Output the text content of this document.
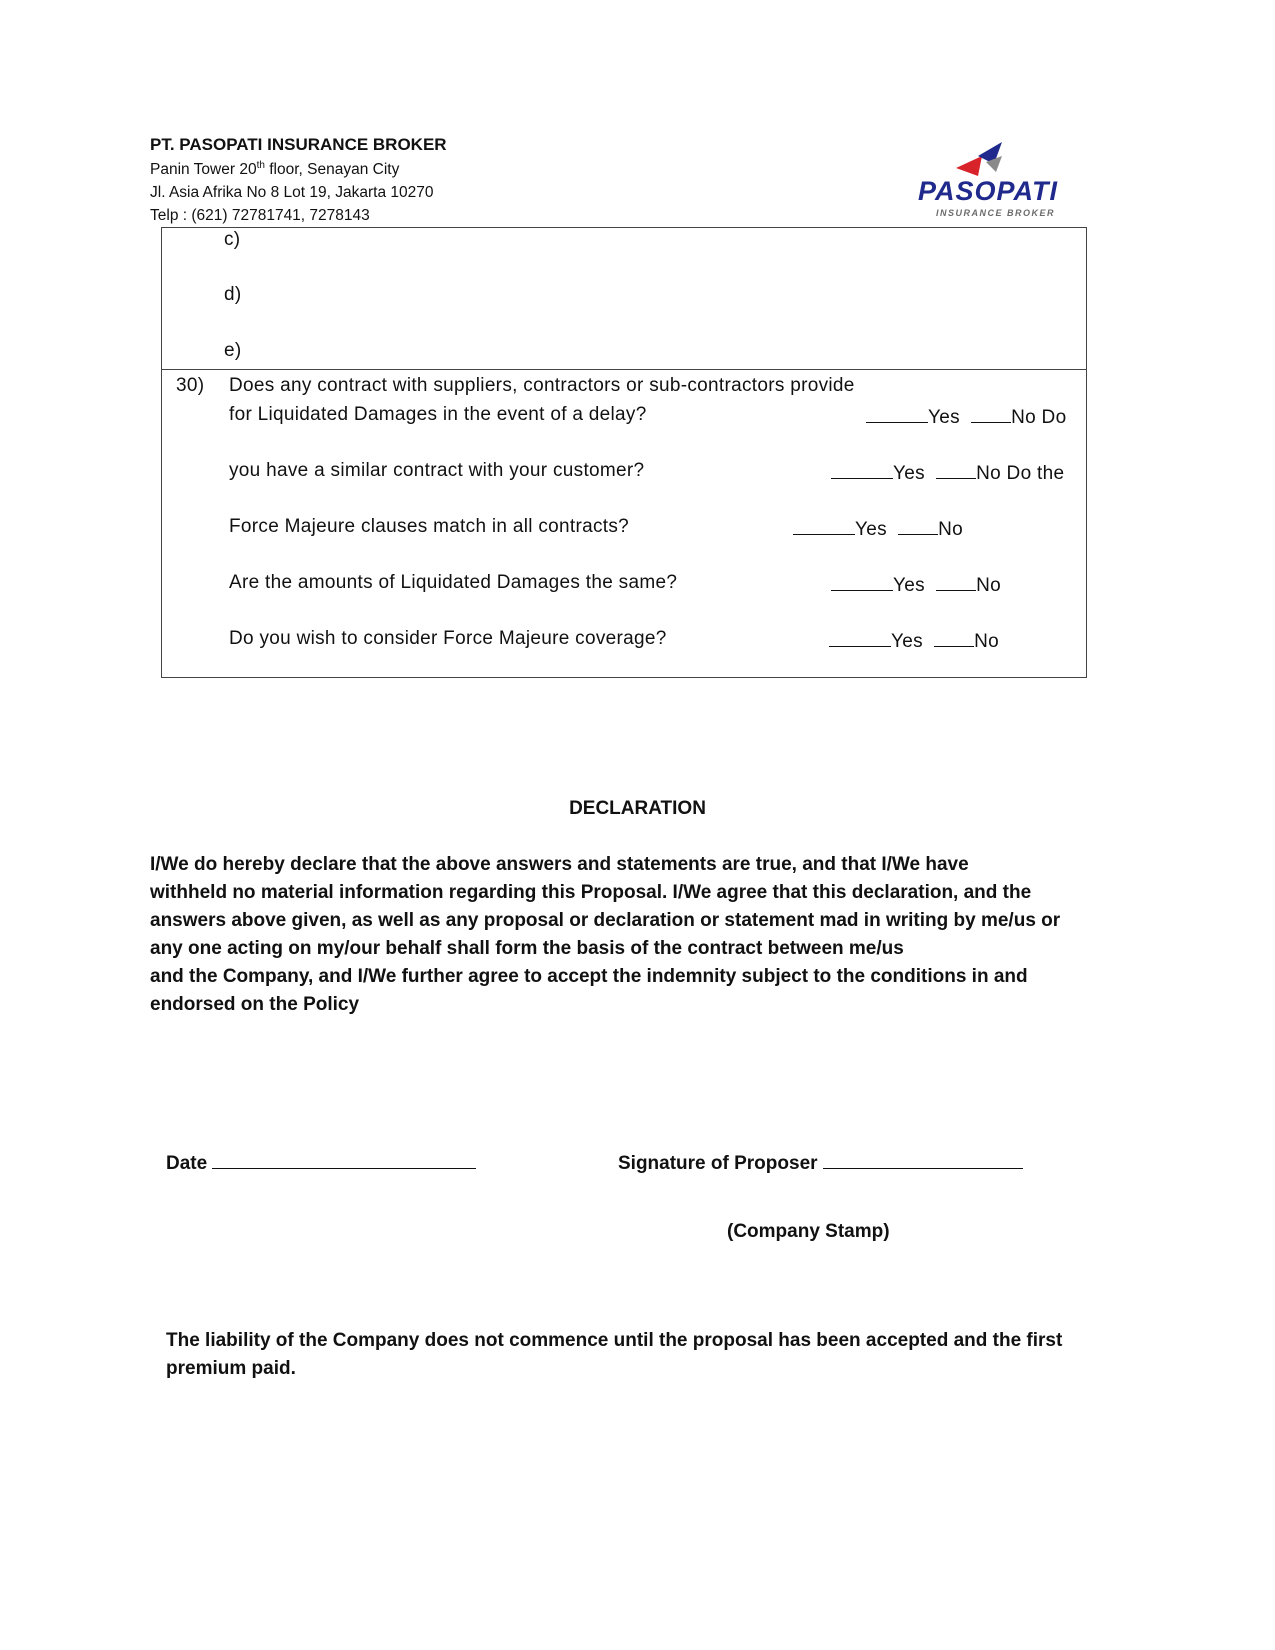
PT. PASOPATI INSURANCE BROKER
Panin Tower 20th floor, Senayan City
Jl. Asia Afrika No 8 Lot 19, Jakarta 10270
Telp : (621) 72781741, 7278143
PASOPATI
INSURANCE BROKER
c)
d)
e)
30) Does any contract with suppliers, contractors or sub-contractors provide
for Liquidated Damages in the event of a delay?	Yes	No Do
you have a similar contract with your customer?	Yes	No Do the
Force Majeure clauses match in all contracts?	Yes	No
Are the amounts of Liquidated Damages the same?	Yes	No
Do you wish to consider Force Majeure coverage?	Yes	No
DECLARATION
I/We do hereby declare that the above answers and statements are true, and that I/We have
withheld no material information regarding this Proposal. I/We agree that this declaration, and the
answers above given, as well as any proposal or declaration or statement mad in writing by me/us or
any one acting on my/our behalf shall form the basis of the contract between me/us
and the Company, and I/We further agree to accept the indemnity subject to the conditions in and
endorsed on the Policy
Date	Signature of Proposer
(Company Stamp)
The liability of the Company does not commence until the proposal has been accepted and the first
premium paid.
